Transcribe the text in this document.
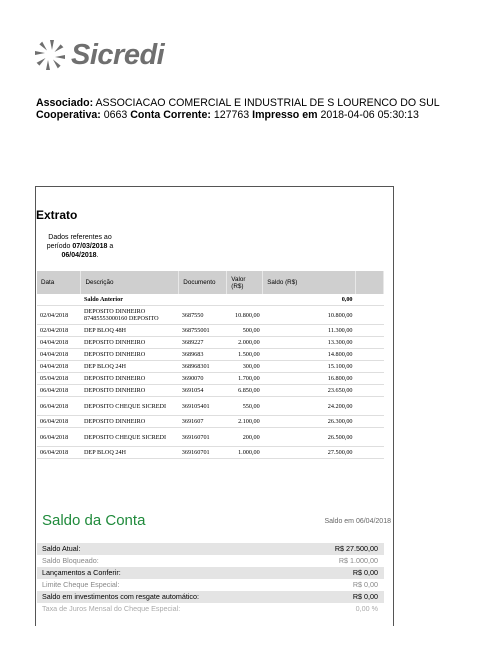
Sicredi
Associado: ASSOCIACAO COMERCIAL E INDUSTRIAL DE S LOURENCO DO SUL
Cooperativa: 0663 Conta Corrente: 127763 Impresso em 2018-04-06 05:30:13
Extrato
Dados referentes ao
período 07/03/2018 a
06/04/2018.
Data	Descrição	Documento	Valor (R$)	Saldo (R$)	
	Saldo Anterior			0,00	
02/04/2018	DEPOSITO DINHEIRO 874855530001​60 DEPOSITO	3687550	10.800,00	10.800,00	
02/04/2018	DEP BLOQ 48H	368755001	500,00	11.300,00	
04/04/2018	DEPOSITO DINHEIRO	3689227	2.000,00	13.300,00	
04/04/2018	DEPOSITO DINHEIRO	3689683	1.500,00	14.800,00	
04/04/2018	DEP BLOQ 24H	368968301	300,00	15.100,00	
05/04/2018	DEPOSITO DINHEIRO	3690070	1.700,00	16.800,00	
06/04/2018	DEPOSITO DINHEIRO	3691054	6.850,00	23.650,00	
06/04/2018	DEPOSITO CHEQUE SICREDI	369105401	550,00	24.200,00	
06/04/2018	DEPOSITO DINHEIRO	3691607	2.100,00	26.300,00	
06/04/2018	DEPOSITO CHEQUE SICREDI	369160701	200,00	26.500,00	
06/04/2018	DEP BLOQ 24H	369160701	1.000,00	27.500,00	
Saldo da Conta	Saldo em 06/04/2018
Saldo Atual:	R$ 27.500,00
Saldo Bloqueado:	R$ 1.000,00
Lançamentos a Conferir:	R$ 0,00
Limite Cheque Especial:	R$ 0,00
Saldo em investimentos com resgate automático:	R$ 0,00
Taxa de Juros Mensal do Cheque Especial:	0,00 %
